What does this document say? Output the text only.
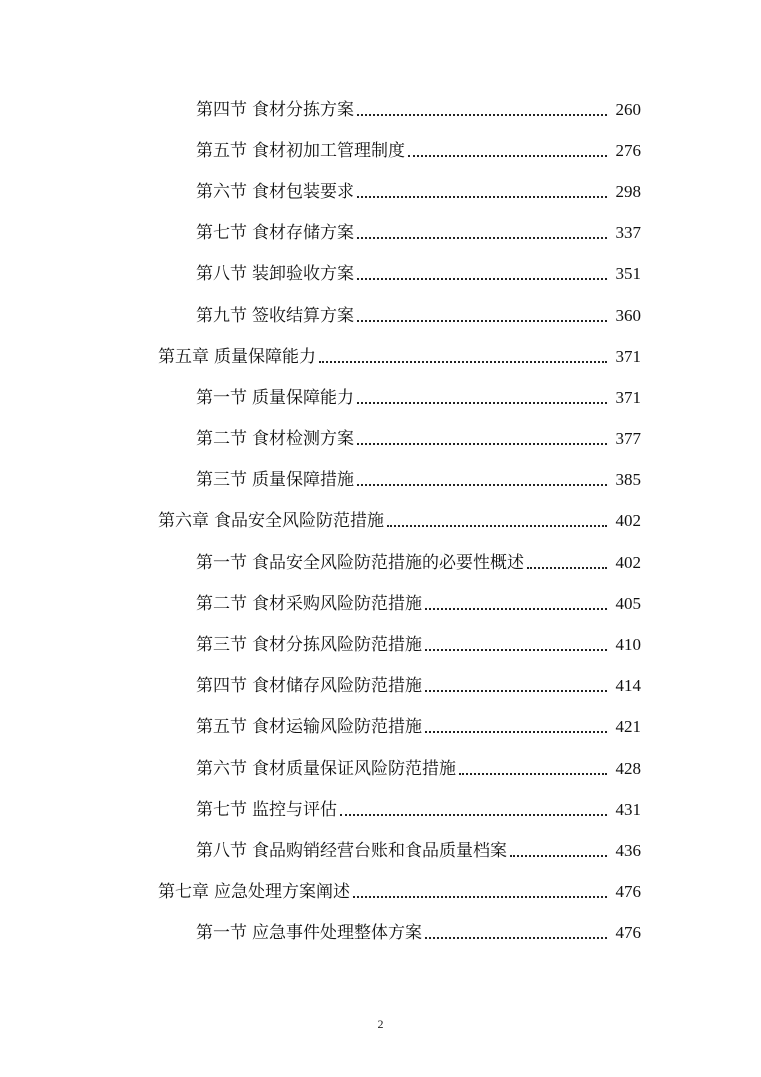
第四节 食材分拣方案	260
第五节 食材初加工管理制度	276
第六节 食材包装要求	298
第七节 食材存储方案	337
第八节 装卸验收方案	351
第九节 签收结算方案	360
第五章 质量保障能力	371
第一节 质量保障能力	371
第二节 食材检测方案	377
第三节 质量保障措施	385
第六章 食品安全风险防范措施	402
第一节 食品安全风险防范措施的必要性概述	402
第二节 食材采购风险防范措施	405
第三节 食材分拣风险防范措施	410
第四节 食材储存风险防范措施	414
第五节 食材运输风险防范措施	421
第六节 食材质量保证风险防范措施	428
第七节 监控与评估	431
第八节 食品购销经营台账和食品质量档案	436
第七章 应急处理方案阐述	476
第一节 应急事件处理整体方案	476
2
